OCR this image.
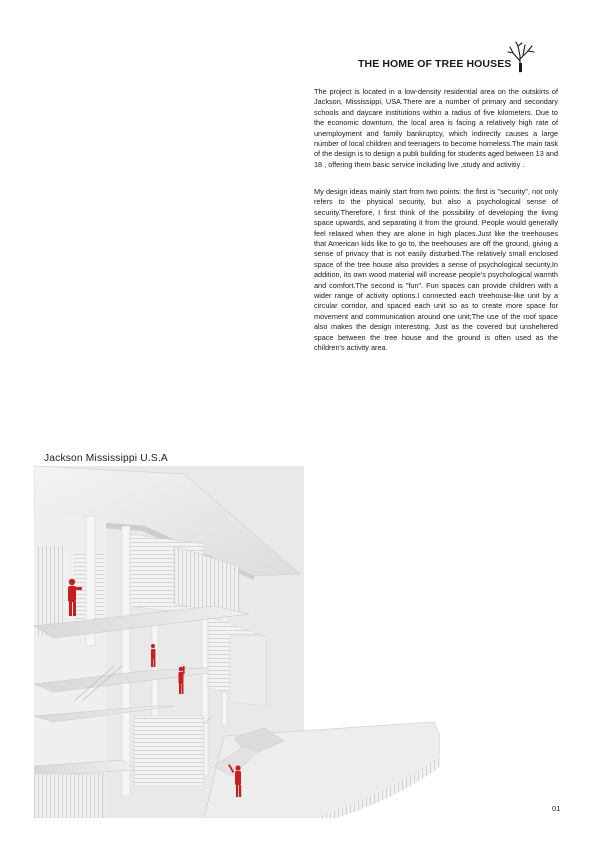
THE HOME OF TREE HOUSES

The project is located in a low-density residential area on the outskirts of Jackson, Mississippi, USA.There are a number of primary and secondary schools and daycare institutions within a radius of five kilometers. Due to the economic downturn, the local area is facing a relatively high rate of unemployment and family bankruptcy, which indirectly causes a large number of local children and teenagers to become homeless.The main task of the design is to design a publi building for students aged between 13 and 18 , offering them basic service including live ,study and activitiy .

My design ideas mainly start from two points: the first is "security", not only refers to the physical security, but also a psychological sense of security.Therefore, I first think of the possibility of developing the living space upwards, and separating it from the ground. People would generally feel relaxed when they are alone in high places.Just like the treehouses that American kids like to go to, the treehouses are off the ground, giving a sense of privacy that is not easily disturbed.The relatively small enclosed space of the tree house also provides a sense of psychological security,In addition, its own wood material will increase people's psychological warmth and comfort.The second is "fun". Fun spaces can provide children with a wider range of activity options.I connected each treehouse-like unit by a circular corridor, and spaced each unit so as to create more space for movement and communication around one unit;The use of the roof space also makes the design interesting. Just as the covered but unsheltered space between the tree house and the ground is often used as the children's activity area.

Jackson Mississippi U.S.A
01
